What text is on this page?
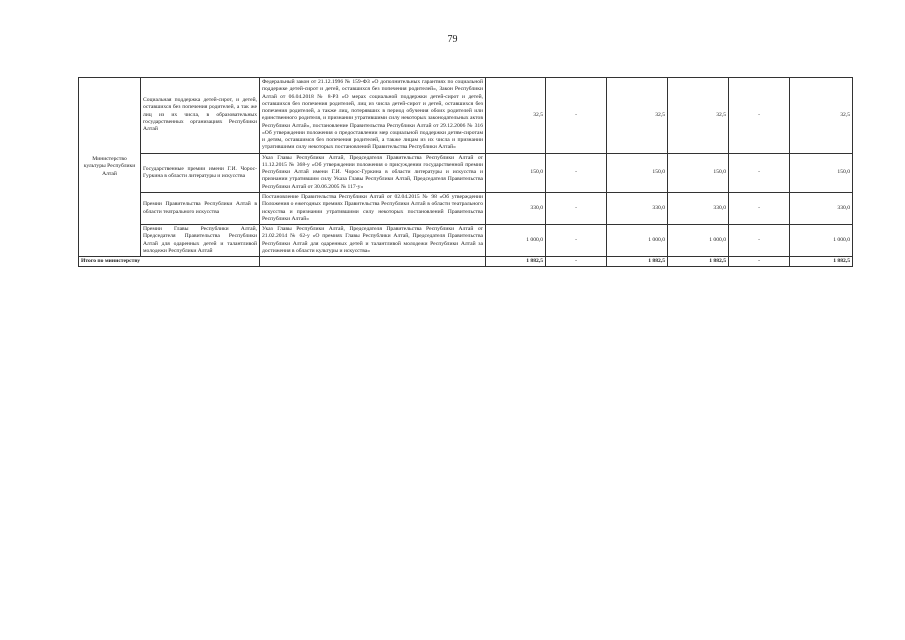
79
Министерство культуры Республики Алтай	Социальная поддержка детей-сирот, и детей, оставшихся без попечения родителей, а так же лиц из их числа, в образовательных государственных организациях Республики Алтай	Федеральный закон от 21.12.1996 № 159-ФЗ «О дополнительных гарантиях по социальной поддержке детей-сирот и детей, оставшихся без попечения родителей», Закон Республики Алтай от 06.04.2018 № 8-РЗ «О мерах социальной поддержки детей-сирот и детей, оставшихся без попечения родителей, лиц из числа детей-сирот и детей, оставшихся без попечения родителей, а также лиц, потерявших в период обучения обоих родителей или единственного родителя, и признании утратившими силу некоторых законодательных актов Республики Алтай», постановление Правительства Республики Алтай от 29.12.2006 № 316 «Об утверждении положения о предоставлении мер социальной поддержки детям-сиротам и детям, оставшимся без попечения родителей, а также лицам из их числа и признании утратившими силу некоторых постановлений Правительства Республики Алтай»	32,5	-	32,5	32,5	-	32,5
	Государственные премии имени Г.И. Чорос-Гуркина в области литературы и искусства	Указ Главы Республики Алтай, Председателя Правительства Республики Алтай от 11.12.2015 № 368-у «Об утверждении положения о присуждении государственной премии Республики Алтай имени Г.И. Чорос-Гуркина в области литературы и искусства и признании утратившим силу Указа Главы Республики Алтай, Председателя Правительства Республики Алтай от 30.06.2005 № 117-у»	150,0	-	150,0	150,0	-	150,0
	Премии Правительства Республики Алтай в области театрального искусства	Постановление Правительства Республики Алтай от 02.04.2015 № 98 «Об утверждении Положения о ежегодных премиях Правительства Республики Алтай в области театрального искусства и признании утратившими силу некоторых постановлений Правительства Республики Алтай»	330,0	-	330,0	330,0	-	330,0
	Премии Главы Республики Алтай, Председателя Правительства Республики Алтай для одаренных детей и талантливой молодежи Республики Алтай	Указ Главы Республики Алтай, Председателя Правительства Республики Алтай от 21.02.2014 № 62-у «О премиях Главы Республики Алтай, Председателя Правительства Республики Алтай для одаренных детей и талантливой молодежи Республики Алтай за достижения в области культуры и искусства»	1 000,0	-	1 000,0	1 000,0	-	1 000,0
Итого по министерству			1 882,5	-	1 882,5	1 882,5	-	1 882,5
